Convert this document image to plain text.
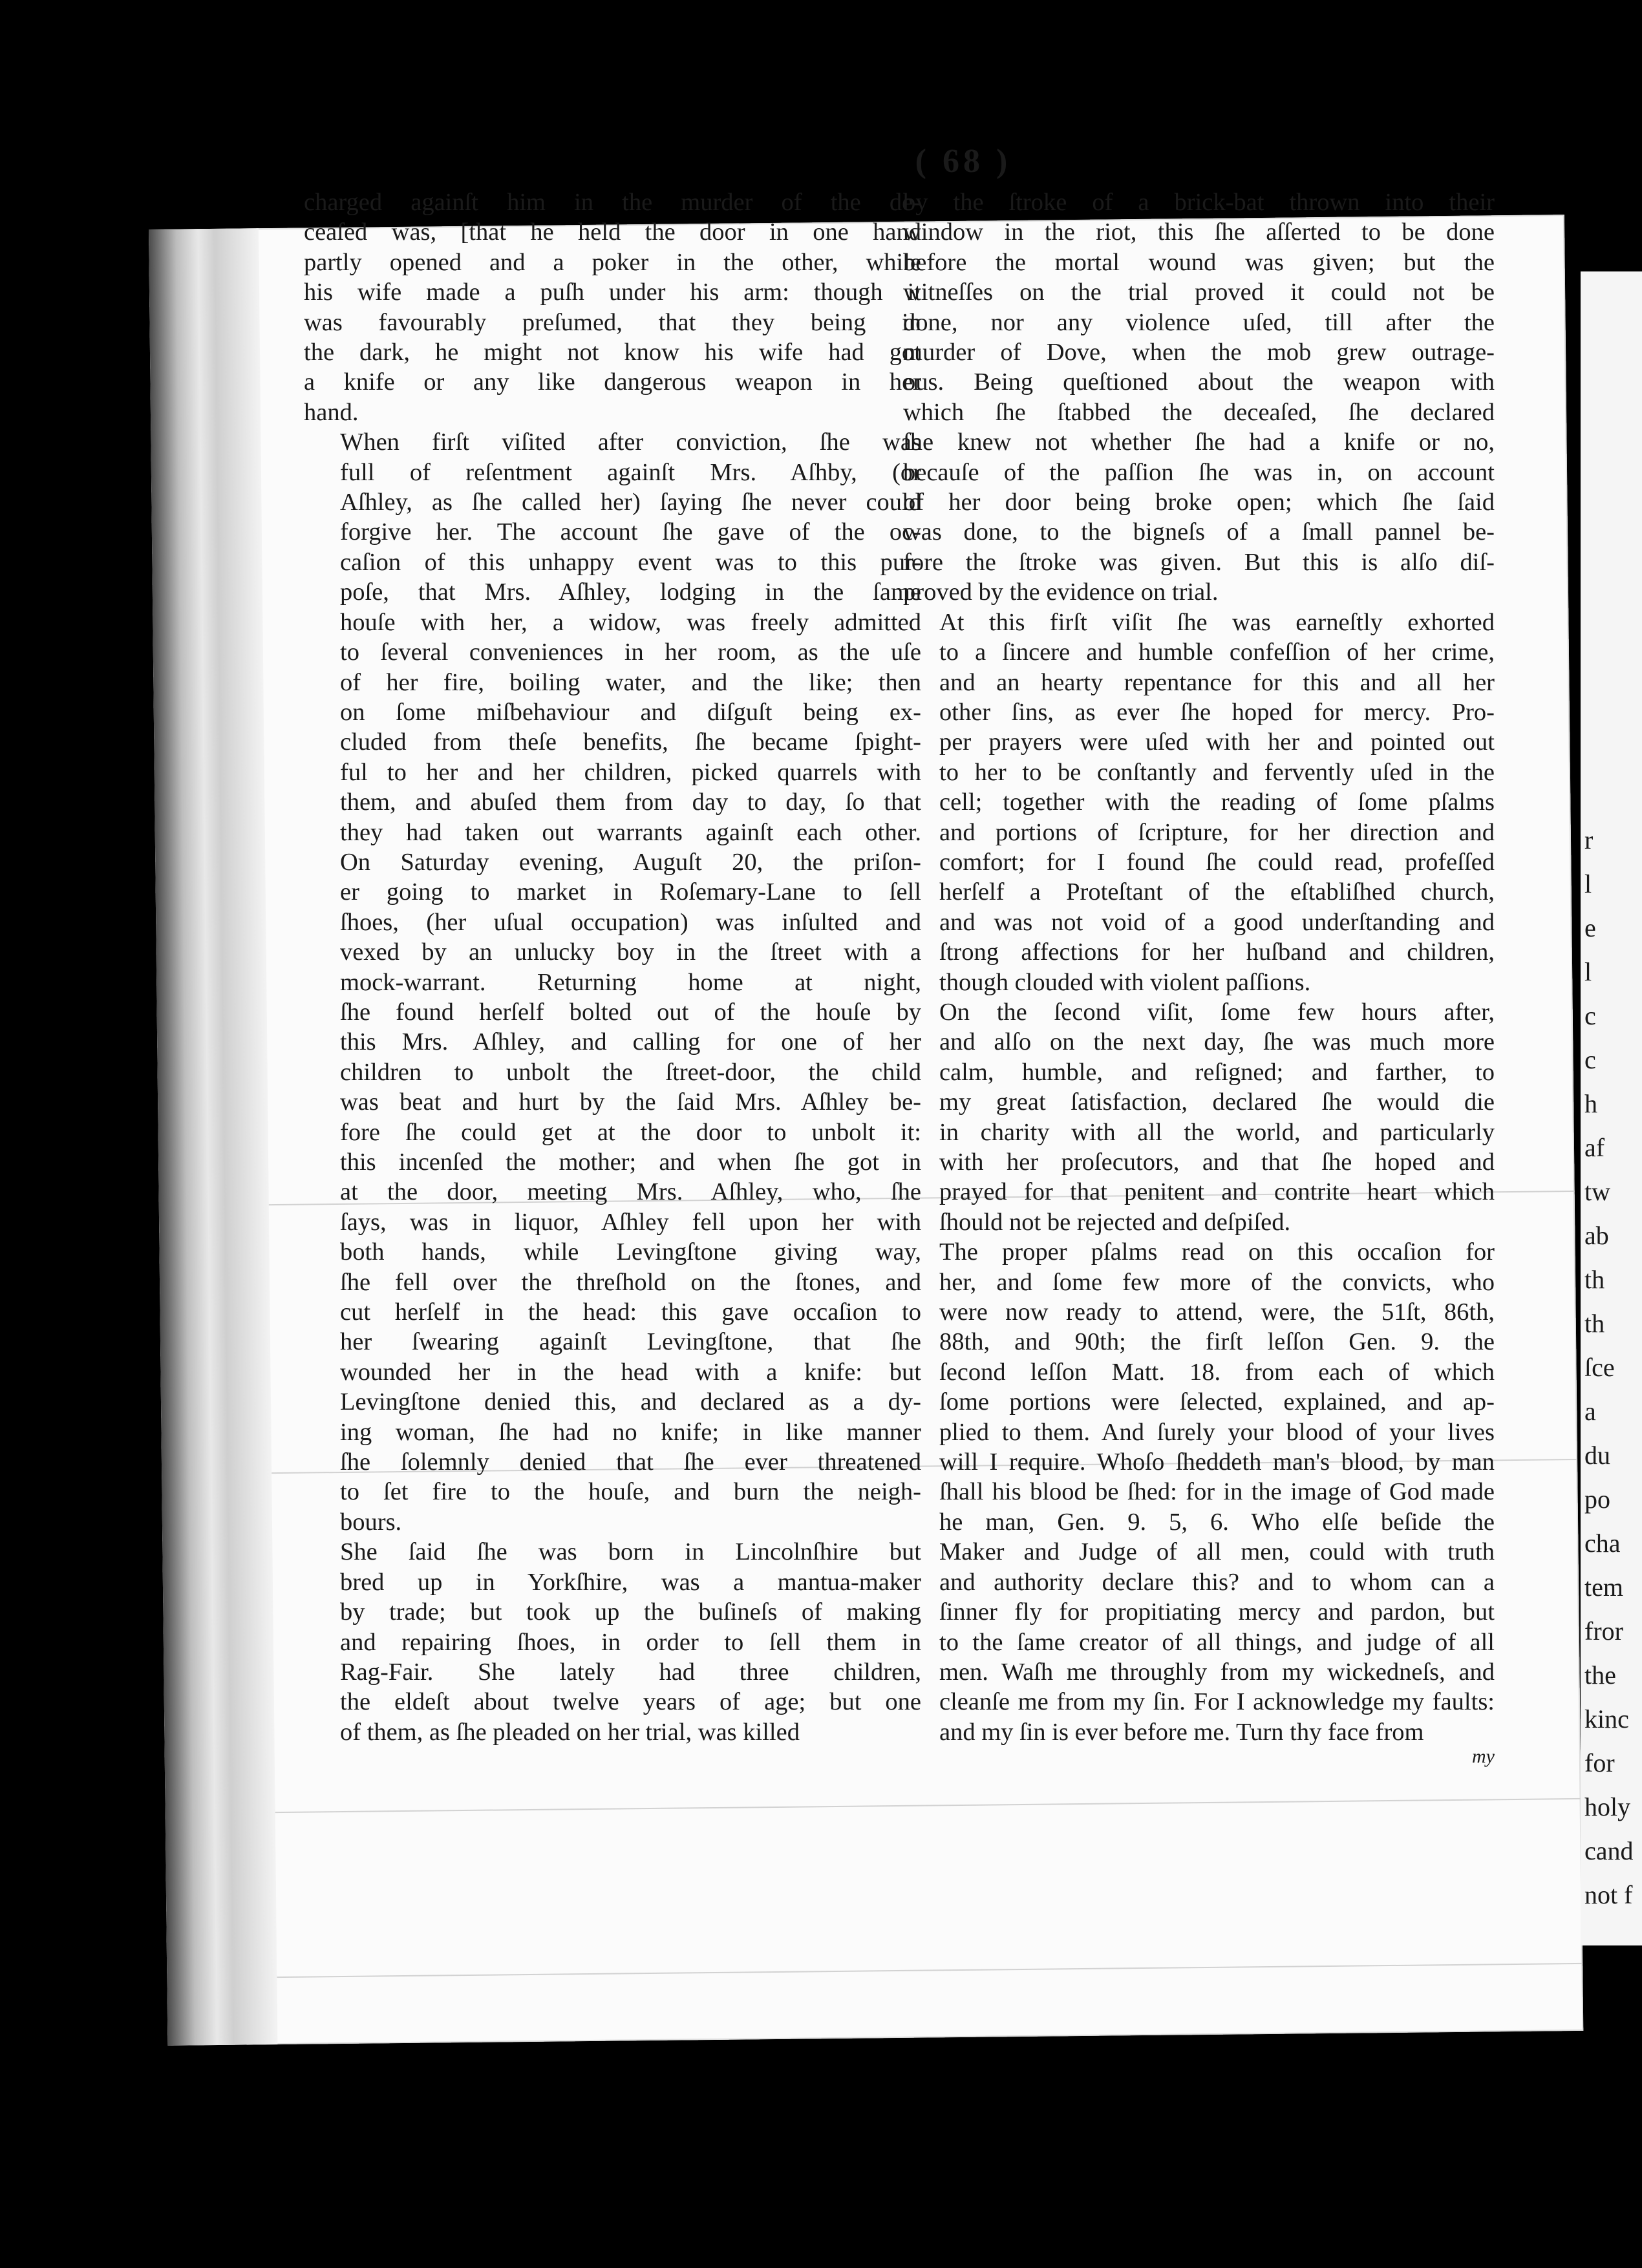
r
l
e
l
c
c
h
af
tw
ab
th
th
ſce
a
du
po
cha
tem
fror
the
kinc
for
holy
cand
not f
( 68 )

charged againſt him in the murder of the de-
ceaſed was, [that he held the door in one hand
partly opened and a poker in the other, while
his wife made a puſh under his arm: though it
was favourably preſumed, that they being in
the dark, he might not know his wife had got
a knife or any like dangerous weapon in her
hand.

When firſt viſited after conviction, ſhe was
full of reſentment againſt Mrs. Aſhby, (or
Aſhley, as ſhe called her) ſaying ſhe never could
forgive her. The account ſhe gave of the oc-
caſion of this unhappy event was to this pur-
poſe, that Mrs. Aſhley, lodging in the ſame
houſe with her, a widow, was freely admitted
to ſeveral conveniences in her room, as the uſe
of her fire, boiling water, and the like; then
on ſome miſbehaviour and diſguſt being ex-
cluded from theſe benefits, ſhe became ſpight-
ful to her and her children, picked quarrels with
them, and abuſed them from day to day, ſo that
they had taken out warrants againſt each other.
On Saturday evening, Auguſt 20, the priſon-
er going to market in Roſemary-Lane to ſell
ſhoes, (her uſual occupation) was inſulted and
vexed by an unlucky boy in the ſtreet with a
mock-warrant. Returning home at night,
ſhe found herſelf bolted out of the houſe by
this Mrs. Aſhley, and calling for one of her
children to unbolt the ſtreet-door, the child
was beat and hurt by the ſaid Mrs. Aſhley be-
fore ſhe could get at the door to unbolt it:
this incenſed the mother; and when ſhe got in
at the door, meeting Mrs. Aſhley, who, ſhe
ſays, was in liquor, Aſhley fell upon her with
both hands, while Levingſtone giving way,
ſhe fell over the threſhold on the ſtones, and
cut herſelf in the head: this gave occaſion to
her ſwearing againſt Levingſtone, that ſhe
wounded her in the head with a knife: but
Levingſtone denied this, and declared as a dy-
ing woman, ſhe had no knife; in like manner
ſhe ſolemnly denied that ſhe ever threatened
to ſet fire to the houſe, and burn the neigh-
bours.

She ſaid ſhe was born in Lincolnſhire but
bred up in Yorkſhire, was a mantua-maker
by trade; but took up the buſineſs of making
and repairing ſhoes, in order to ſell them in
Rag-Fair. She lately had three children,
the eldeſt about twelve years of age; but one
of them, as ſhe pleaded on her trial, was killed

by the ſtroke of a brick-bat thrown into their
window in the riot, this ſhe aſſerted to be done
before the mortal wound was given; but the
witneſſes on the trial proved it could not be
done, nor any violence uſed, till after the
murder of Dove, when the mob grew outrage-
ous. Being queſtioned about the weapon with
which ſhe ſtabbed the deceaſed, ſhe declared
ſhe knew not whether ſhe had a knife or no,
becauſe of the paſſion ſhe was in, on account
of her door being broke open; which ſhe ſaid
was done, to the bigneſs of a ſmall pannel be-
fore the ſtroke was given. But this is alſo diſ-
proved by the evidence on trial.

At this firſt viſit ſhe was earneſtly exhorted
to a ſincere and humble confeſſion of her crime,
and an hearty repentance for this and all her
other ſins, as ever ſhe hoped for mercy. Pro-
per prayers were uſed with her and pointed out
to her to be conſtantly and fervently uſed in the
cell; together with the reading of ſome pſalms
and portions of ſcripture, for her direction and
comfort; for I found ſhe could read, profeſſed
herſelf a Proteſtant of the eſtabliſhed church,
and was not void of a good underſtanding and
ſtrong affections for her huſband and children,
though clouded with violent paſſions.

On the ſecond viſit, ſome few hours after,
and alſo on the next day, ſhe was much more
calm, humble, and reſigned; and farther, to
my great ſatisfaction, declared ſhe would die
in charity with all the world, and particularly
with her proſecutors, and that ſhe hoped and
prayed for that penitent and contrite heart which
ſhould not be rejected and deſpiſed.

The proper pſalms read on this occaſion for
her, and ſome few more of the convicts, who
were now ready to attend, were, the 51ſt, 86th,
88th, and 90th; the firſt leſſon Gen. 9. the
ſecond leſſon Matt. 18. from each of which
ſome portions were ſelected, explained, and ap-
plied to them. And ſurely your blood of your lives
will I require. Whoſo ſheddeth man's blood, by man
ſhall his blood be ſhed: for in the image of God made
he man, Gen. 9. 5, 6. Who elſe beſide the
Maker and Judge of all men, could with truth
and authority declare this? and to whom can a
ſinner fly for propitiating mercy and pardon, but
to the ſame creator of all things, and judge of all
men. Waſh me throughly from my wickedneſs, and
cleanſe me from my ſin. For I acknowledge my faults:
and my ſin is ever before me. Turn thy face from

my
